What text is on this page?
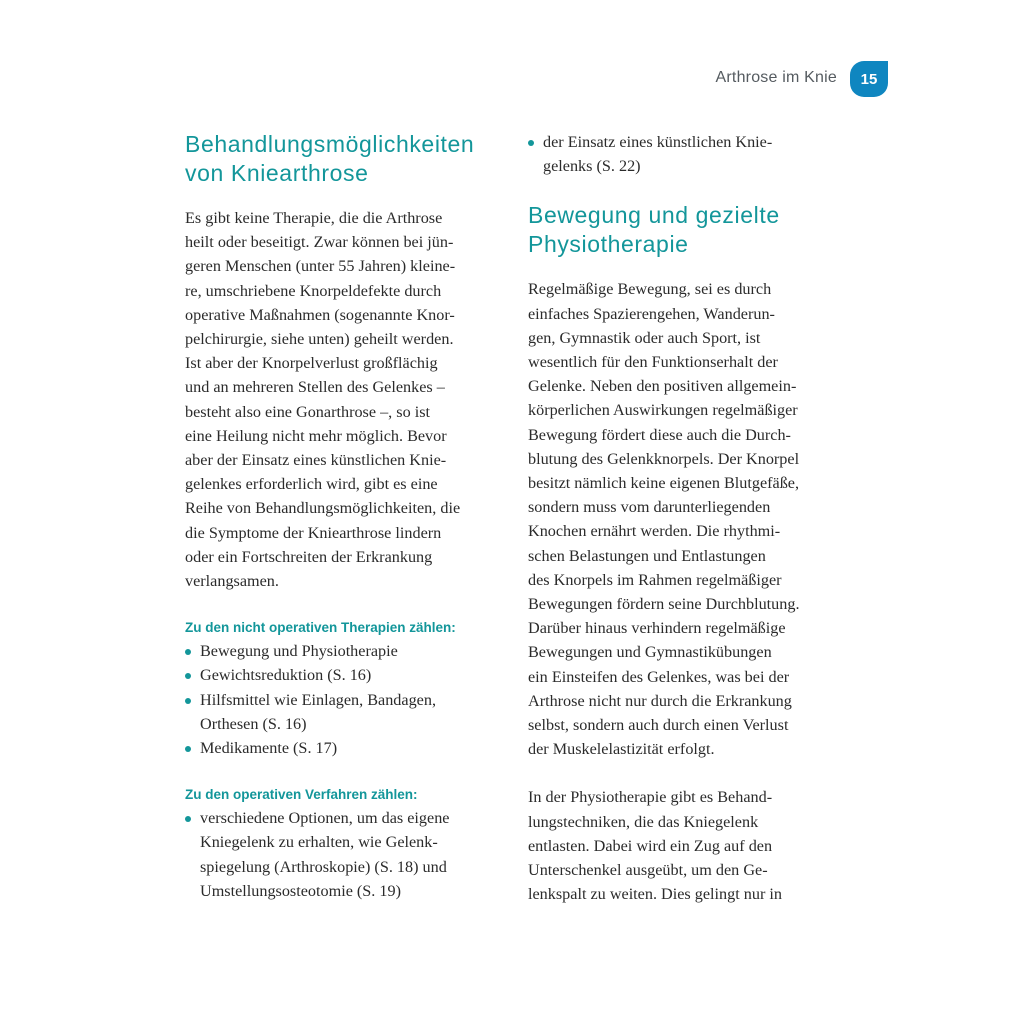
Arthrose im Knie	15
Behandlungsmöglichkeiten
von Kniearthrose

Es gibt keine Therapie, die die Arthrose
heilt oder beseitigt. Zwar können bei jün-
geren Menschen (unter 55 Jahren) kleine-
re, umschriebene Knorpeldefekte durch
operative Maßnahmen (sogenannte Knor-
pelchirurgie, siehe unten) geheilt werden.
Ist aber der Knorpelverlust großflächig
und an mehreren Stellen des Gelenkes –
besteht also eine Gonarthrose –, so ist
eine Heilung nicht mehr möglich. Bevor
aber der Einsatz eines künstlichen Knie-
gelenkes erforderlich wird, gibt es eine
Reihe von Behandlungsmöglichkeiten, die
die Symptome der Kniearthrose lindern
oder ein Fortschreiten der Erkrankung
verlangsamen.

Zu den nicht operativen Therapien zählen:

Bewegung und Physiotherapie
Gewichtsreduktion (S. 16)
Hilfsmittel wie Einlagen, Bandagen,
Orthesen (S. 16)
Medikamente (S. 17)

Zu den operativen Verfahren zählen:

verschiedene Optionen, um das eigene
Kniegelenk zu erhalten, wie Gelenk-
spiegelung (Arthroskopie) (S. 18) und
Umstellungsosteotomie (S. 19)
der Einsatz eines künstlichen Knie-
gelenks (S. 22)
Bewegung und gezielte
Physiotherapie

Regelmäßige Bewegung, sei es durch
einfaches Spazierengehen, Wanderun-
gen, Gymnastik oder auch Sport, ist
wesentlich für den Funktionserhalt der
Gelenke. Neben den positiven allgemein-
körperlichen Auswirkungen regelmäßiger
Bewegung fördert diese auch die Durch-
blutung des Gelenkknorpels. Der Knorpel
besitzt nämlich keine eigenen Blutgefäße,
sondern muss vom darunterliegenden
Knochen ernährt werden. Die rhythmi-
schen Belastungen und Entlastungen
des Knorpels im Rahmen regelmäßiger
Bewegungen fördern seine Durchblutung.
Darüber hinaus verhindern regelmäßige
Bewegungen und Gymnastikübungen
ein Einsteifen des Gelenkes, was bei der
Arthrose nicht nur durch die Erkrankung
selbst, sondern auch durch einen Verlust
der Muskelelastizität erfolgt.

In der Physiotherapie gibt es Behand-
lungstechniken, die das Kniegelenk
entlasten. Dabei wird ein Zug auf den
Unterschenkel ausgeübt, um den Ge-
lenkspalt zu weiten. Dies gelingt nur in
